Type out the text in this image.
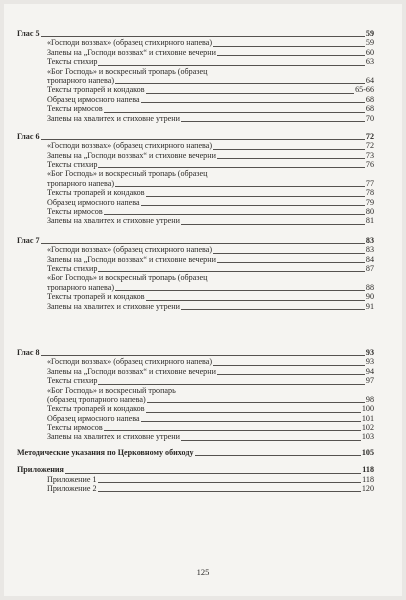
Глас 5	59
«Господи воззвах» (образец стихирного напева)	59
Запевы на „Господи воззвах“ и стиховне вечерни	60
Тексты стихир	63
«Бог Господь» и воскресный тропарь (образец
тропарного напева)	64
Тексты тропарей и кондаков	65-66
Образец ирмосного напева	68
Тексты ирмосов	68
Запевы на хвалитех и стиховне утрени	70
Глас 6	72
«Господи воззвах» (образец стихирного напева)	72
Запевы на „Господи воззвах“ и стиховне вечерни	73
Тексты стихир	76
«Бог Господь» и воскресный тропарь (образец
тропарного напева)	77
Тексты тропарей и кондаков	78
Образец ирмосного напева	79
Тексты ирмосов	80
Запевы на хвалитех и стиховне утрени	81
Глас 7	83
«Господи воззвах» (образец стихирного напева)	83
Запевы на „Господи воззвах“ и стиховне вечерни	84
Тексты стихир	87
«Бог Господь» и воскресный тропарь (образец
тропарного напева)	88
Тексты тропарей и кондаков	90
Запевы на хвалитех и стиховне утрени	91
Глас 8	93
«Господи воззвах» (образец стихирного напева)	93
Запевы на „Господи воззвах“ и стиховне вечерни	94
Тексты стихир	97
«Бог Господь» и воскресный тропарь
(образец тропарного напева)	98
Тексты тропарей и кондаков	100
Образец ирмосного напева	101
Тексты ирмосов	102
Запевы на хвалитех и стиховне утрени	103
Методические указания по Церковному обиходу	105
Приложения	118
Приложение 1	118
Приложение 2	120
125
